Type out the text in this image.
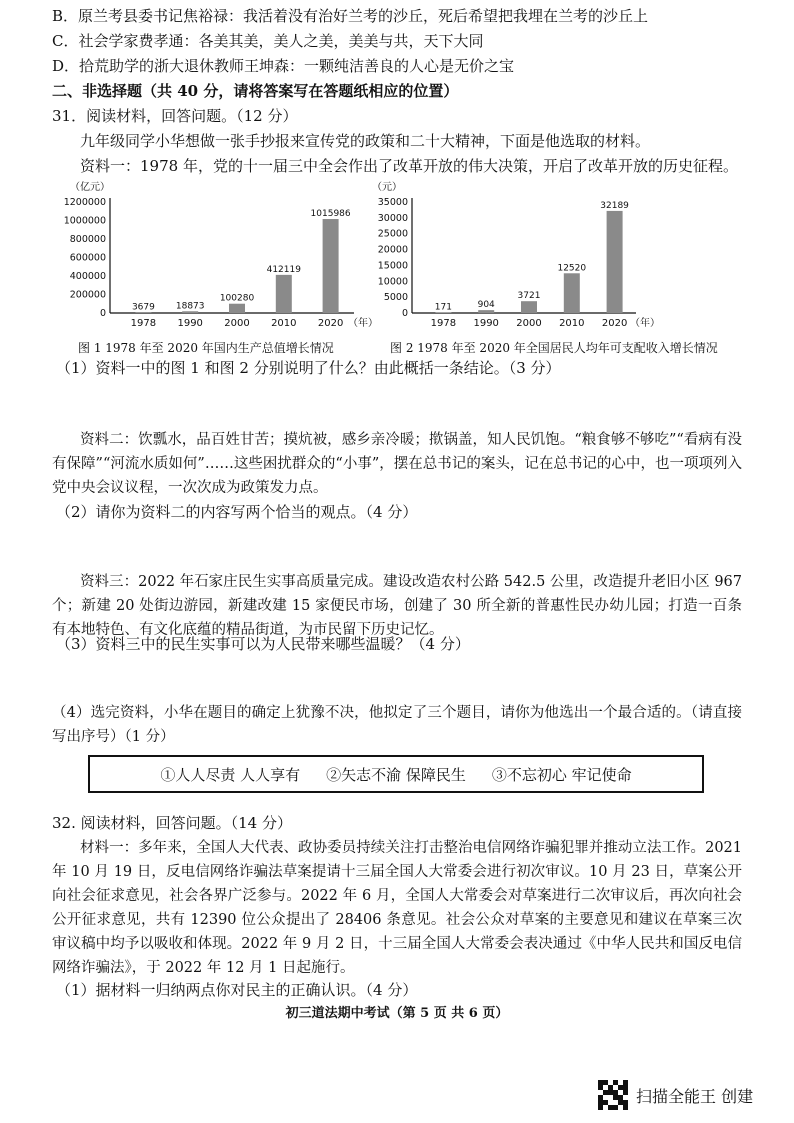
B．原兰考县委书记焦裕禄：我活着没有治好兰考的沙丘，死后希望把我埋在兰考的沙丘上
C．社会学家费孝通：各美其美，美人之美，美美与共，天下大同
D．拾荒助学的浙大退休教师王坤森：一颗纯洁善良的人心是无价之宝
二、非选择题（共 40 分，请将答案写在答题纸相应的位置）
31．阅读材料，回答问题。（12 分）
九年级同学小华想做一张手抄报来宣传党的政策和二十大精神，下面是他选取的材料。
资料一：1978 年，党的十一届三中全会作出了改革开放的伟大决策，开启了改革开放的历史征程。
（亿元）
0
200000
400000
600000
800000
1000000
1200000
3679
1978
18873
1990
100280
2000
412119
2010
1015986
2020 （年）
（元）
0
5000
10000
15000
20000
25000
30000
35000
171
1978
904
1990
3721
2000
12520
2010
32189
2020 （年）
图 1 1978 年至 2020 年国内生产总值增长情况	图 2 1978 年至 2020 年全国居民人均年可支配收入增长情况
（1）资料一中的图 1 和图 2 分别说明了什么？由此概括一条结论。（3 分）
资料二：饮瓢水，品百姓甘苦；摸炕被，感乡亲冷暖；揿锅盖，知人民饥饱。“粮食够不够吃”“看病有没有保障”“河流水质如何”……这些困扰群众的“小事”，摆在总书记的案头，记在总书记的心中，也一项项列入党中央会议议程，一次次成为政策发力点。
（2）请你为资料二的内容写两个恰当的观点。（4 分）
资料三：2022 年石家庄民生实事高质量完成。建设改造农村公路 542.5 公里，改造提升老旧小区 967 个；新建 20 处街边游园，新建改建 15 家便民市场，创建了 30 所全新的普惠性民办幼儿园；打造一百条有本地特色、有文化底蕴的精品街道，为市民留下历史记忆。
（3）资料三中的民生实事可以为人民带来哪些温暖？（4 分）
（4）选完资料，小华在题目的确定上犹豫不决，他拟定了三个题目，请你为他选出一个最合适的。（请直接写出序号）（1 分）
①人人尽责 人人享有 ②矢志不渝 保障民生 ③不忘初心 牢记使命
32. 阅读材料，回答问题。（14 分）
材料一：多年来，全国人大代表、政协委员持续关注打击整治电信网络诈骗犯罪并推动立法工作。2021 年 10 月 19 日，反电信网络诈骗法草案提请十三届全国人大常委会进行初次审议。10 月 23 日，草案公开向社会征求意见，社会各界广泛参与。2022 年 6 月，全国人大常委会对草案进行二次审议后，再次向社会公开征求意见，共有 12390 位公众提出了 28406 条意见。社会公众对草案的主要意见和建议在草案三次审议稿中均予以吸收和体现。2022 年 9 月 2 日，十三届全国人大常委会表决通过《中华人民共和国反电信网络诈骗法》，于 2022 年 12 月 1 日起施行。
（1）据材料一归纳两点你对民主的正确认识。（4 分）
初三道法期中考试（第 5 页 共 6 页）
扫描全能王 创建
